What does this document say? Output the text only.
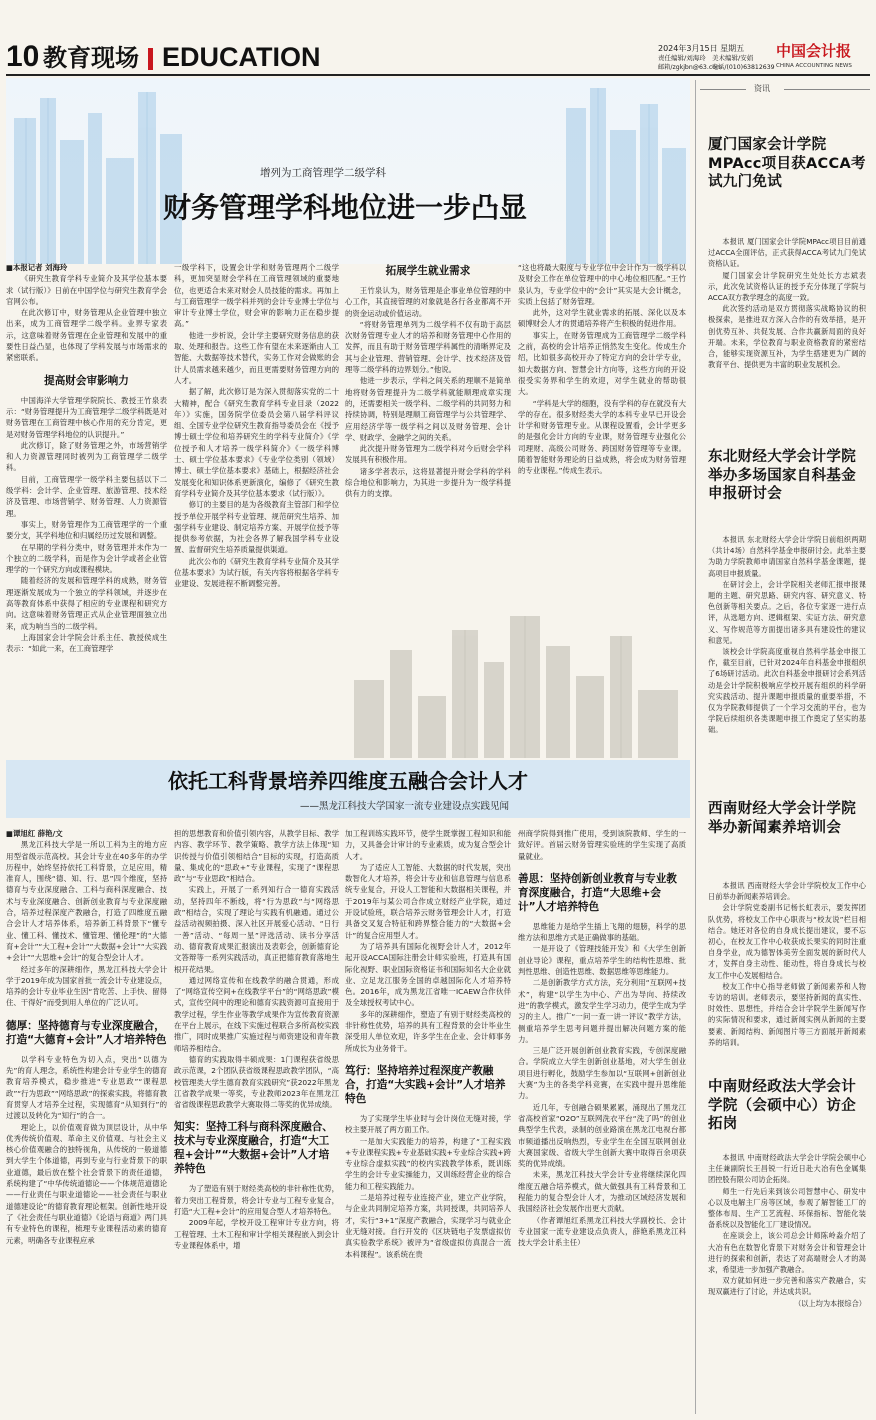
10 教育现场 EDUCATION	2024年3月15日 星期五
责任编辑/刘海玲 美术编辑/安娟
邮箱/zgkjbn@63.com
电话/(010)63812639
中国会计报
CHINA ACCOUNTING NEWS
增列为工商管理学二级学科
财务管理学科地位进一步凸显

■本报记者 刘海玲

《研究生教育学科专业简介及其学位基本要求（试行版）》日前在中国学位与研究生教育学会官网公布。

在此次修订中，财务管理从企业管理中独立出来，成为工商管理学二级学科。业界专家表示，这意味着财务管理在企业管理和发展中的重要性日益凸显，也体现了学科发展与市场需求的紧密联系。

提高财会审影响力

中国海洋大学管理学院院长、教授王竹泉表示：“财务管理提升为工商管理学二级学科既是对财务管理在工商管理中核心作用的充分肯定，更是对财务管理学科地位的认识提升。”

此次修订，除了财务管理之外，市场营销学和人力资源管理同时被列为工商管理学二级学科。

目前，工商管理学一级学科主要包括以下二级学科：会计学、企业管理、旅游管理、技术经济及管理、市场营销学、财务管理、人力资源管理。

事实上，财务管理作为工商管理学的一个重要分支，其学科地位和归属经历过发展和调整。

在早期的学科分类中，财务管理并未作为一个独立的二级学科，而是作为会计学或者企业管理学的一个研究方向或课程模块。

随着经济的发展和管理学科的成熟，财务管理逐渐发展成为一个独立的学科领域，并逐步在高等教育体系中获得了相应的专业课程和研究方向。这意味着财务管理正式从企业管理面独立出来，成为响当当的二级学科。

上海国家会计学院会计系主任、教授侯成生表示：“如此一来，在工商管理学

一级学科下，设置会计学和财务管理两个二级学科，更加突显财会学科在工商管理领域的重要地位，也更适合未来对财会人员技能的需求。再加上与工商管理学一级学科并列的会计专业博士学位与审计专业博士学位，财会审的影响力正在稳步提高。”

他进一步析说，会计学主要研究财务信息的获取、处理和报告。这些工作有望在未来逐渐由人工智能、大数据等技术替代，实务工作对会做账的会计人员需求越来越少，而且更需要财务管理方向的人才。

据了解，此次修订是为深入贯彻落实党的二十大精神，配合《研究生教育学科专业目录（2022年）》实施，国务院学位委员会第八届学科评议组、全国专业学位研究生教育指导委员会在《授予博士硕士学位和培养研究生的学科专业简介》《学位授予和人才培养一级学科简介》《一级学科博士、硕士学位基本要求》《专业学位类别（领域）博士、硕士学位基本要求》基础上，根据经济社会发展变化和知识体系更新演化，编修了《研究生教育学科专业简介及其学位基本要求（试行版）》。

修订的主要目的是为各级教育主管部门和学位授予单位开展学科专业管理、规范研究生培养、加强学科专业建设、制定培养方案、开展学位授予等提供参考依据，为社会各界了解我国学科专业设置、监督研究生培养质量提供渠道。

此次公布的《研究生教育学科专业简介及其学位基本要求》为试行版，有关内容将根据各学科专业建设、发展进程不断调整完善。

拓展学生就业需求

王竹泉认为，财务管理是企事业单位管理的中心工作，其直接管理的对象就是各行各业都离不开的资金运动或价值运动。

“将财务管理单列为二级学科不仅有助于高层次财务管理专业人才的培养和财务管理中心作用的发挥，而且有助于财务管理学科属性的清晰界定及其与企业管理、营销管理、会计学、技术经济及管理等二级学科的边界划分。”他说。

他进一步表示，学科之间关系的理顺不是简单地将财务管理提升为二级学科就能顺理成章实现的，还需要相关一级学科、二级学科的共同努力和持续协调，特别是理顺工商管理学与公共管理学、应用经济学等一级学科之间以及财务管理、会计学、财政学、金融学之间的关系。

此次提升财务管理为二级学科对今后财会学科发展具有积极作用。

诸多学者表示，这将显著提升财会学科的学科综合地位和影响力，为其进一步提升为一级学科提供有力的支撑。

“这也将最大限度与专业学位中会计作为一级学科以及财会工作在单位管理中的中心地位相匹配。”王竹泉认为，专业学位中的“会计”其实是大会计概念，实质上包括了财务管理。

此外，这对学生就业需求的拓展、深化以及本硕博财会人才的贯通培养将产生积极的促进作用。

事实上，在财务管理成为工商管理学二级学科之前，高校的会计培养正悄然发生变化。传成生介绍，比如很多高校开办了特定方向的会计学专业，如大数据方向、智慧会计方向等，这些方向的开设很受实务界和学生的欢迎，对学生就业的帮助很大。

“学科是大学的细胞，没有学科的存在就没有大学的存在。很多财经类大学的本科专业早已开设会计学和财务管理专业。从课程设置看，会计学更多的是强化会计方向的专业课，财务管理专业强化公司理财、高级公司财务、跨国财务管理等专业课。随着智能财务理论的日益成熟，将会成为财务管理的专业课程。”传成生表示。

依托工科背景培养四维度五融合会计人才
——黑龙江科技大学国家一流专业建设点实践见闻

■谭旭红 薛艳/文

黑龙江科技大学是一所以工科为主的地方应用型省级示范高校。其会计专业在40多年的办学历程中，始终坚持依托工科背景，立足应用，精准育人，围绕“德、知、行、思”四个维度，坚持德育与专业深度融合、工科与商科深度融合、技术与专业深度融合、创新创业教育与专业深度融合，培养过程深度产教融合，打造了四维度五融合会计人才培养体系，培养新工科背景下“懂专业、懂工科、懂技术、懂管理、懂伦理”的“大德育+会计”“大工程+会计”“大数据+会计”“大实践+会计”“大思维+会计”的复合型会计人才。

经过多年的深耕细作，黑龙江科技大学会计学于2019年成为国家首批一流会计专业建设点，培养的会计专业毕业生因“肯吃苦、上手快、留得住、干得好”而受到用人单位的广泛认可。

德厚：坚持德育与专业深度融合，打造“大德育+会计”人才培养特色

以学科专业特色为切入点，突出“以德为先”的育人理念，系统性构建会计专业学生的德育教育培养模式，稳步推进“专业思政”“课程思政”“行为思政”“网络思政”的探索实践，将德育教育贯穿人才培养全过程，实现德育“从知到行”的过渡以及转化为“知行”的合一。

理论上，以价值观育做为顶层设计，从中华优秀传统价值观、革命主义价值观、与社会主义核心价值观融合的独特视角，从传统的一般道德到大学生个体道德，再到专业与行业背景下的职业道德，最后放在整个社会背景下的责任道德，系统构建了“中华传统道德论——个体规范道德论——行业责任与职业道德论——社会责任与职业道德建设论”的德育教育理论框架。创新性地开设了《社会责任与职业道德》《论语与商道》两门具有专业特色的课程，梳理专业课程活动素的德育元素，明确各专业课程应承

担的思想教育和价值引领内容，从教学目标、教学内容、教学环节、教学策略、教学方法上体现“知识传授与价值引领相结合”目标的实现，打造高质量、集成化的“思政+”专业课程，实现了“课程思政”与“专业思政”相结合。

实践上，开展了一系列知行合一德育实践活动，坚持四年不断线，将“行为思政”与“网络思政”相结合，实现了理论与实践有机融通。通过公益活动视频拍摄、深入社区开展爱心活动、“日行一善”活动、“每周一星”评选活动、读书分享活动、德育教育成果汇报演出及表彰会，创新德育论文答辩等一系列实践活动，真正把德育教育落地生根开花结果。

通过网络宣传和在线教学的融合贯通，形成了“网络宣传空间+在线教学平台”的“网络思政”模式，宣传空间中的理论和德育实践资源可直接用于教学过程，学生作业等教学成果作为宣传教育资源在平台上展示，在线下实施过程联合多所高校实践推广，同时成果推广实施过程与师资建设和青年教师培养相结合。

德育的实践取得丰硕成果：1门课程获省级思政示范课，2个团队获省级课程思政教学团队，“高校管理类大学生德育教育实践研究”获2022年黑龙江省教学成果一等奖，专业教师2023年在黑龙江省省级课程思政教学大赛取得二等奖的优异成绩。

知实：坚持工科与商科深度融合、技术与专业深度融合，打造“大工程+会计”“大数据+会计”人才培养特色

为了塑造有别于财经类高校的非针称性优势，着力突出工程背景，将会计专业与工程专业复合，打造“大工程+会计”的应用复合型人才培养特色。

2009年起，学校开设工程审计专业方向，将工程管理、土木工程和审计学相关课程嵌入到会计专业课程体系中，增

加工程训练实践环节，使学生既掌握工程知识和能力，又具备会计审计的专业素质，成为复合型会计人才。

为了适应人工智能、大数据的时代发展，突出数智化人才培养，将会计专业和信息管理与信息系统专业复合，开设人工智能和大数据相关课程，并于2019年与某公司合作成立财经产业学院，通过开设试验班，联合培养云财务管理会计人才，打造具备交叉复合特征和跨界整合能力的“大数据+会计”的复合应用型人才。

为了培养具有国际化视野会计人才，2012年起开设ACCA国际注册会计师实验班，打造具有国际化视野、职业国际资格证书和国际知名大企业就业、立足龙江服务全国的卓越国际化人才培养特色。2016年，成为黑龙江省唯一ICAEW合作伙伴及全球授权考试中心。

多年的深耕细作，塑造了有别于财经类高校的非针称性优势，培养的具有工程背景的会计毕业生深受用人单位欢迎，许多学生在企业、会计师事务所成长为业务骨干。

笃行：坚持培养过程深度产教融合，打造“大实践+会计”人才培养特色

为了实现学生毕业时与会计岗位无缝对接，学校主要开展了两方面工作。

一是加大实践能力的培养，构建了“工程实践+专业课程实践+专业基础实践+专业综合实践+跨专业综合虚拟实践”的校内实践教学体系，既训练学生的会计专业实操能力，又训练经营企业的综合能力和工程实践能力。

二是培养过程专业连接产业，建立产业学院，与企业共同制定培养方案，共同授课，共同培养人才，实行“3+1”深度产教融合，实现学习与就业企业无缝对接。自行开发的《区块链电子发票虚拟仿真实验教学系统》被评为“省级虚拟仿真混合一流本科课程”。该系统在贵

州商学院得到推广使用，受到该院教师、学生的一致好评。首届云财务管理实验班的学生实现了高质量就业。

善思：坚持创新创业教育与专业教育深度融合，打造“大思维+会计”人才培养特色

思维能力是给学生插上飞翔的翅膀，科学的思维方法和思维方式是正确做事的基础。

一是开设了《管理技能开发》和《大学生创新创业导论》课程，重点培养学生的结构性思维、批判性思维、创造性思维、数据思维等思维能力。

二是创新教学方式方法，充分利用“互联网+技术”，构建“以学生为中心、产出为导向、持续改进”的教学模式，激发学生学习动力，使学生成为学习的主人。推广“一问一查一讲一评议”教学方法，侧重培养学生思考问题并提出解决问题方案的能力。

三是广泛开展创新创业教育实践，专创深度融合。学院成立大学生创新创业基地，对大学生创业项目进行孵化，鼓励学生参加以“互联网+创新创业大赛”为主的各类学科竞赛，在实践中提升思维能力。

近几年，专创融合硕果累累，涌现出了黑龙江省高校首家“O2O”互联网洗衣平台“洗了吗”的创业典型学生代表，录制的创业路演在黑龙江电视台都市频道播出反响热烈，专业学生在全国互联网创业大赛国家级、省级大学生创新大赛中取得百余项获奖的优异成绩。

未来，黑龙江科技大学会计专业将继续深化四维度五融合培养模式，做大做强具有工科背景和工程能力的复合型会计人才，为推动区域经济发展和我国经济社会发展作出更大贡献。

（作者谭旭红系黑龙江科技大学副校长、会计专业国家一流专业建设点负责人，薛艳系黑龙江科技大学会计系主任）

资讯
厦门国家会计学院MPAcc项目获ACCA考试九门免试

本报讯 厦门国家会计学院MPAcc项目目前通过ACCA全面评估，正式获得ACCA考试九门免试资格认证。

厦门国家会计学院研究生处处长方志斌表示，此次免试资格认证的授予充分体现了学院与ACCA双方教学理念的高度一致。

此次签约活动是双方贯彻落实战略协议的积极探索，是推进双方深入合作的有效举措，是开创优势互补、共促发展、合作共赢新局面的良好开端。未来，学位教育与职业资格教育的紧密结合，能够实现资源互补，为学生搭建更为广阔的教育平台、提供更为丰富的职业发展机会。

东北财经大学会计学院举办多场国家自科基金申报研讨会

本报讯 东北财经大学会计学院日前组织两期（共计4场）自然科学基金申报研讨会。此举主要为助力学院教师申请国家自然科学基金课题，提高项目申报质量。

在研讨会上，会计学院相关老师汇报申报课题的主题、研究思路、研究内容、研究意义、特色创新等相关要点。之后，各位专家逐一进行点评，从选题方向、逻辑框架、实证方法、研究意义、写作规范等方面提出诸多具有建设性的建议和意见。

该校会计学院高度重视自然科学基金申报工作，截至目前，已针对2024年自科基金申报组织了6场研讨活动。此次自科基金申报研讨会系列活动是会计学院积极响应学校开展有组织的科学研究实践活动、提升课题申报质量的重要举措，不仅为学院教师提供了一个学习交流的平台，也为学院后续组织各类课题申报工作奠定了坚实的基础。

西南财经大学会计学院举办新闻素养培训会

本报讯 西南财经大学会计学院校友工作中心日前举办新闻素养培训会。

会计学院党委副书记杨长虹表示，要发挥团队优势，将校友工作中心职责与“校友说”栏目相结合。她还对各位的自身成长提出建议，要不忘初心，在校友工作中心收获成长果实的同时注重自身学业，成为德智体美劳全面发展的新时代人才，发挥自身主动性、能动性，将自身成长与校友工作中心发展相结合。

校友工作中心指导老师做了新闻素养和人物专访的培训。老师表示，要坚持新闻的真实性、时效性、思想性，并结合会计学院学生新闻写作的实际情况和要求，通过新闻实例从新闻的主要要素、新闻结构、新闻图片等三方面展开新闻素养的培训。

中南财经政法大学会计学院（会硕中心）访企拓岗

本报讯 中南财经政法大学会计学院会硕中心主任兼副院长王昌锐一行近日赴大冶有色金属集团控股有限公司访企拓岗。

师生一行先后来到该公司智慧中心、研发中心以及电解主厂房等区域，参观了解智能工厂的整体布局、生产工艺流程、环保指标、智能化装备系统以及智能化工厂建设情况。

在座谈会上，该公司总会计师陈岭淼介绍了大冶有色在数智化背景下对财务会计和管理会计进行的探索和创新，表达了对高端财会人才的渴求，希望进一步加强产教融合。

双方就如何进一步完善和落实产教融合，实现双赢进行了讨论，并达成共识。

（以上均为本报综合）
